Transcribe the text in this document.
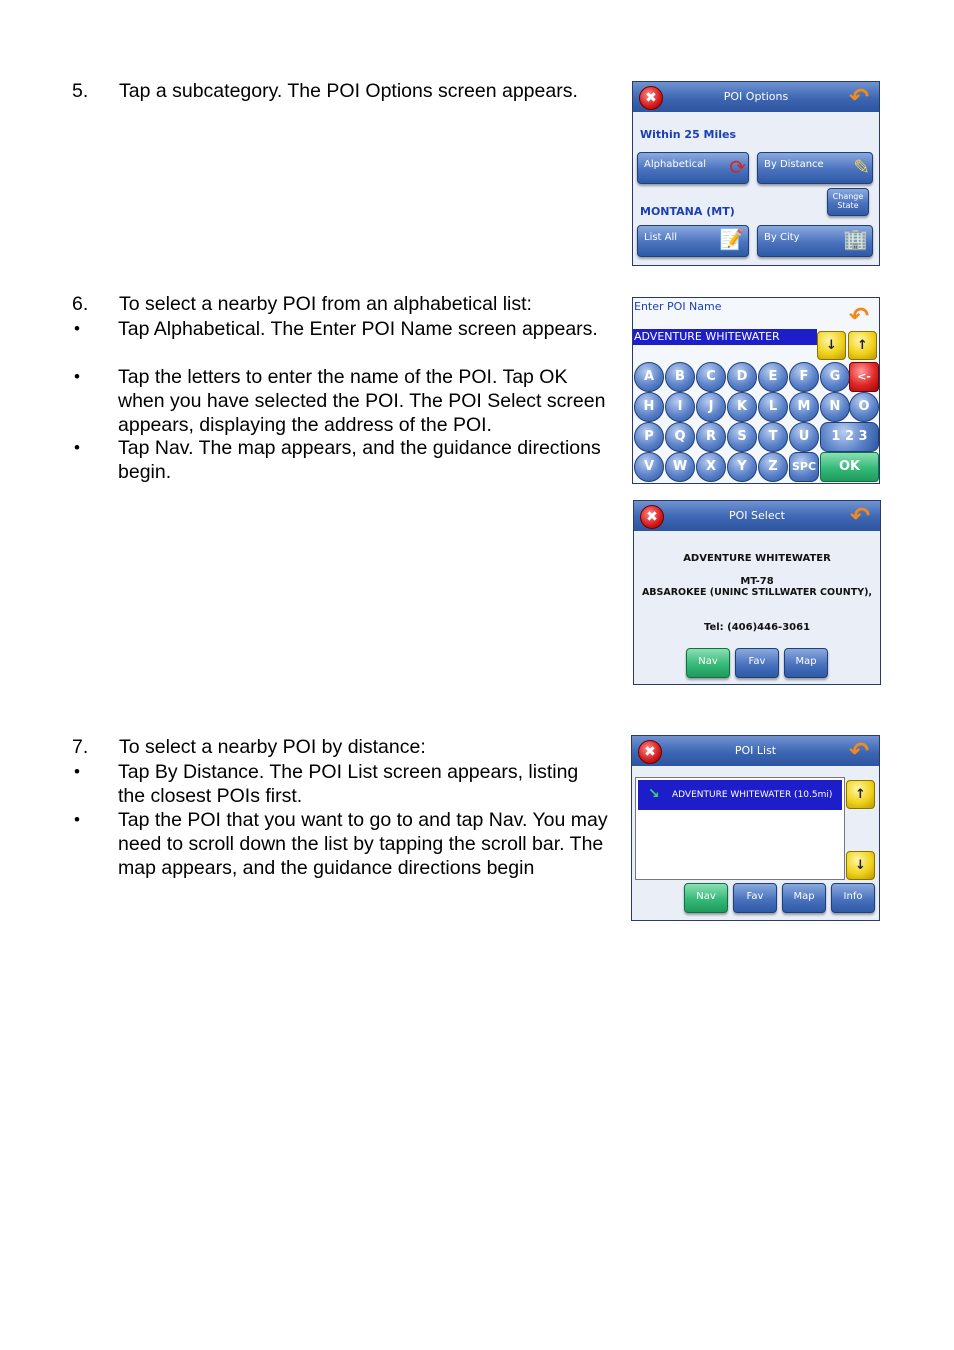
5. Tap a subcategory. The POI Options screen appears.	✖	POI Options	↶
Within 25 Miles
Alphabetical ⟳ By Distance ✎
Change State
MONTANA (MT)
List All 📝 By City 🏢
6. To select a nearby POI from an alphabetical list:
• Tap Alphabetical. The Enter POI Name screen appears.
• Tap the letters to enter the name of the POI. Tap OK when you have selected the POI. The POI Select screen appears, displaying the address of the POI.
• Tap Nav. The map appears, and the guidance directions begin.
Enter POI Name	↶
ADVENTURE WHITEWATER
↓	↑
A	B	C	D	E	F	G	<-
H	I	J	K	L	M	N	O
P	Q	R	S	T	U	1 2 3
V	W	X	Y	Z	SPC	OK
✖	POI Select	↶
ADVENTURE WHITEWATER
MT-78
ABSAROKEE (UNINC STILLWATER COUNTY),
Tel: (406)446-3061
Nav	Fav	Map
7. To select a nearby POI by distance:
• Tap By Distance. The POI List screen appears, listing the closest POIs first.
• Tap the POI that you want to go to and tap Nav. You may need to scroll down the list by tapping the scroll bar. The map appears, and the guidance directions begin
✖	POI List	↶
↘ ADVENTURE WHITEWATER (10.5mi)	↑
↓
Nav	Fav	Map	Info
